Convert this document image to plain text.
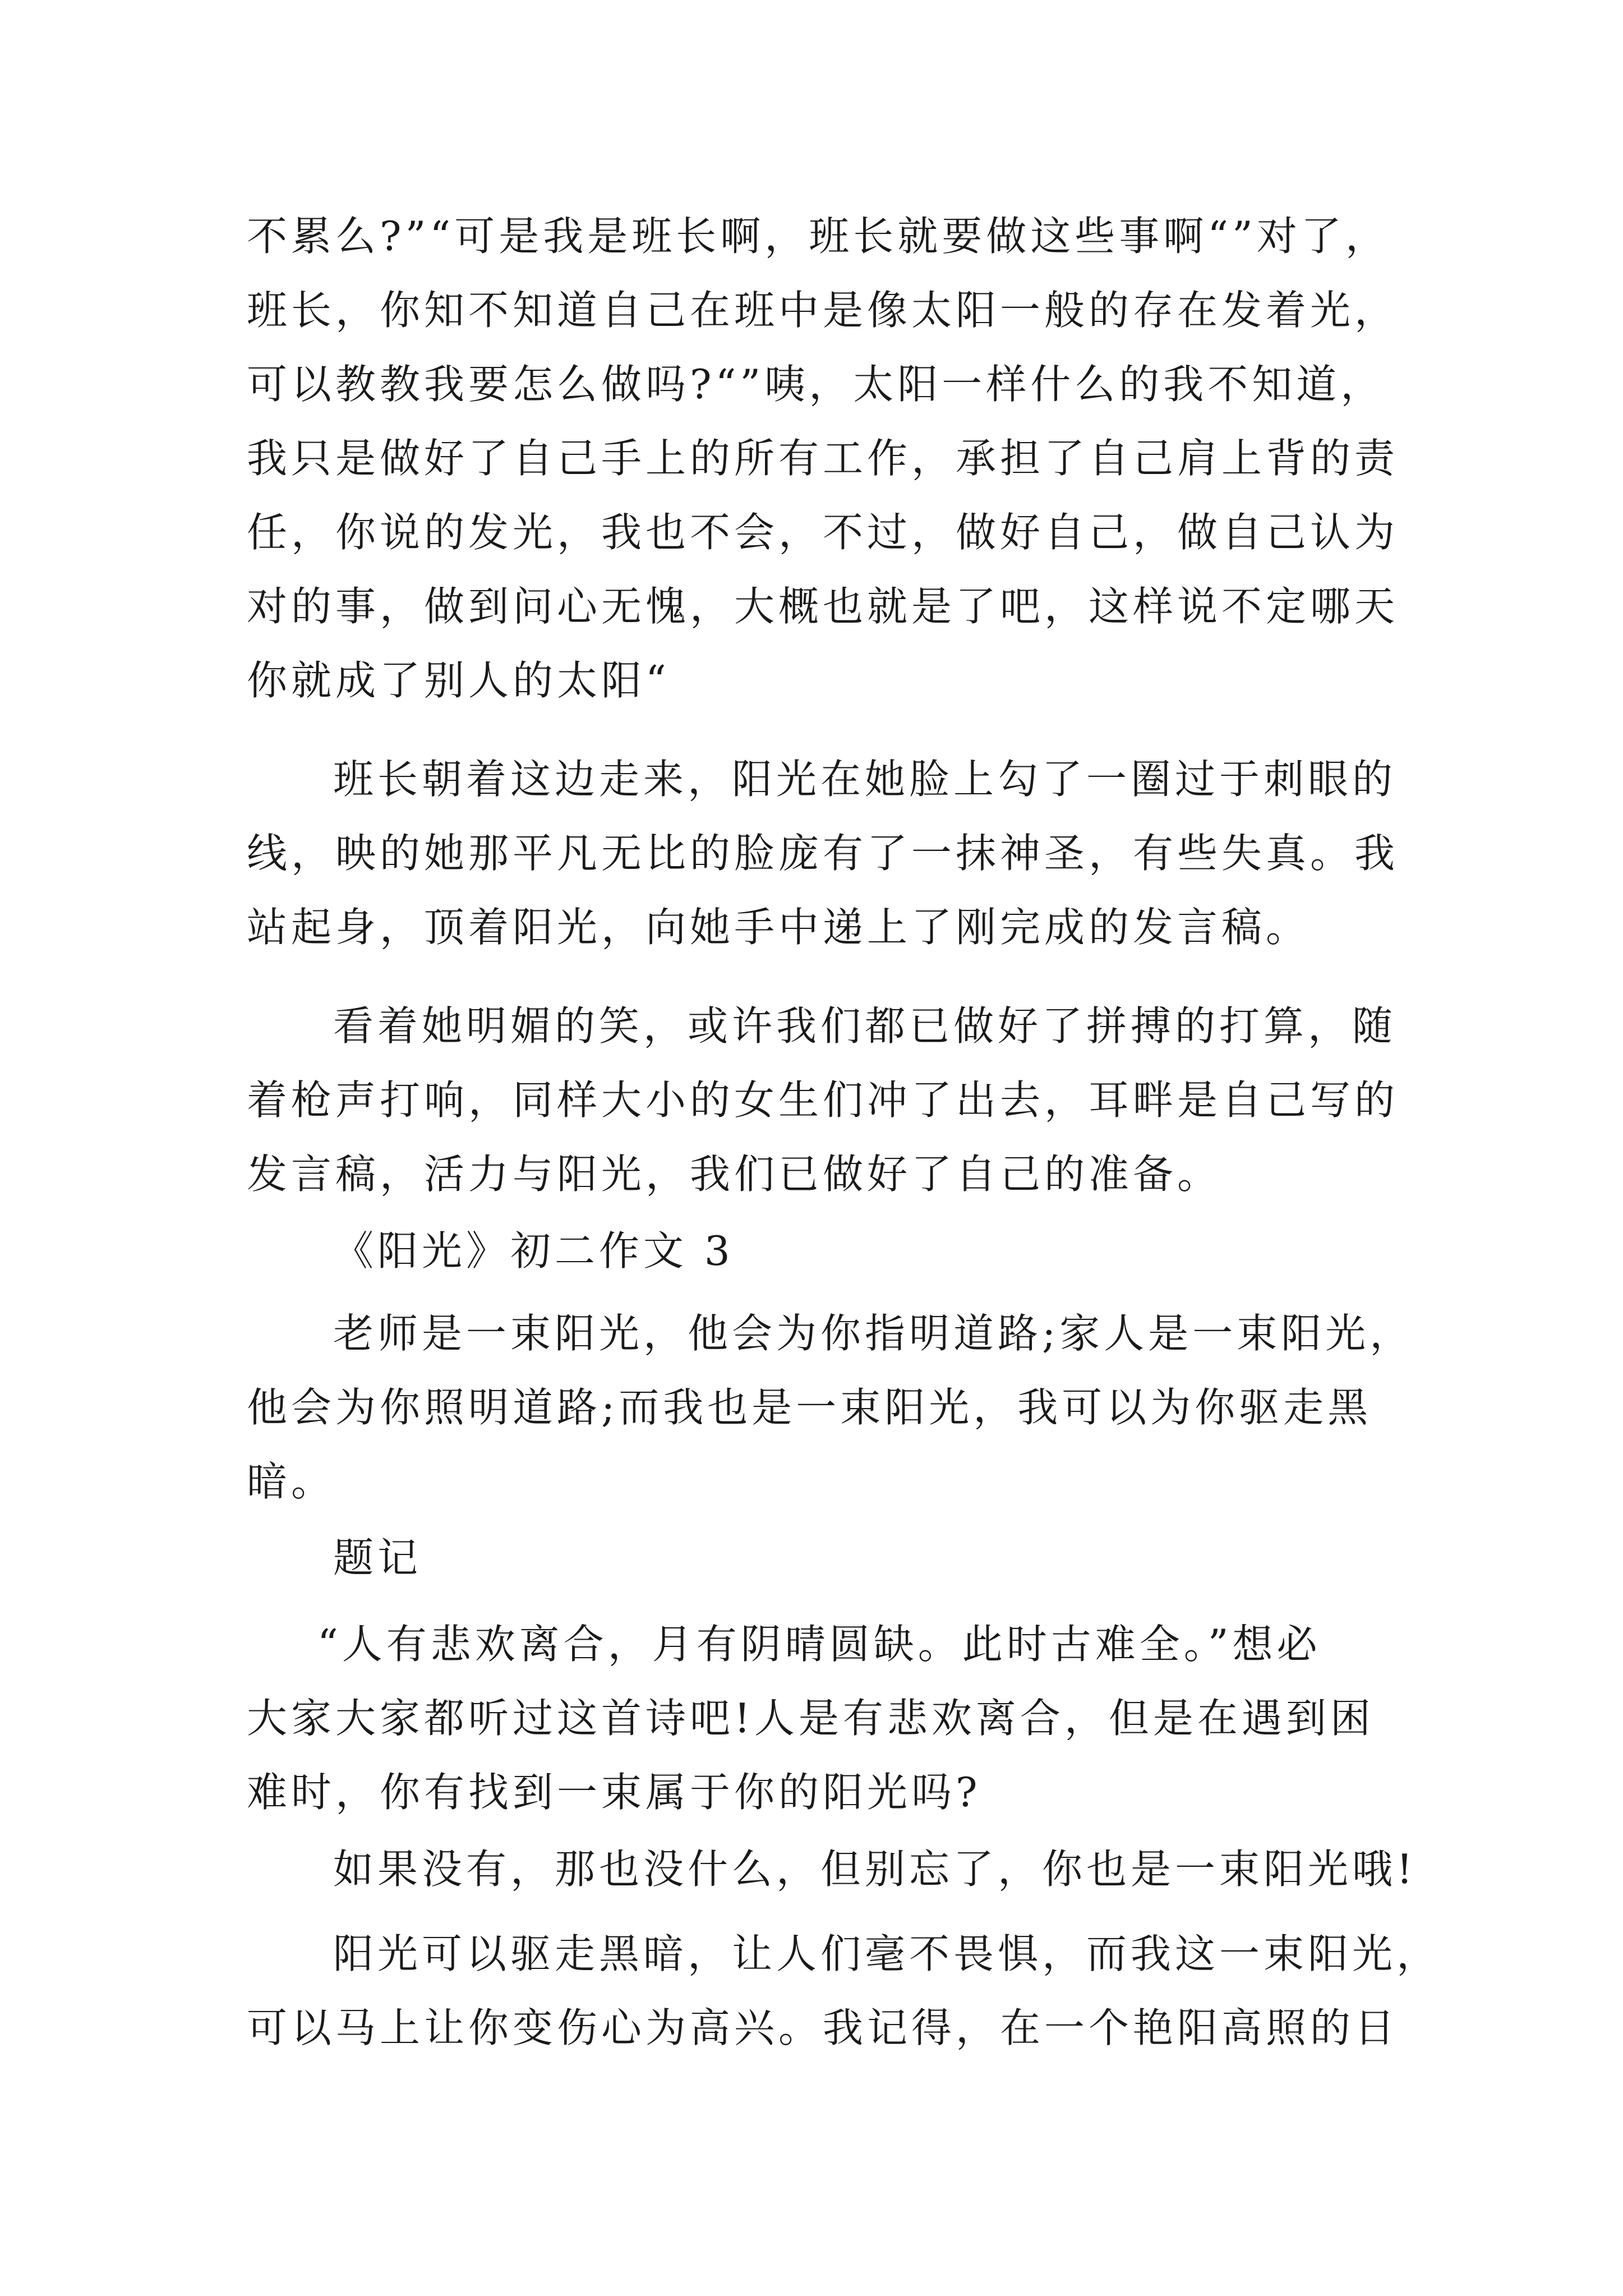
不累么?”“可是我是班长啊，班长就要做这些事啊“”对了，

班长，你知不知道自己在班中是像太阳一般的存在发着光，

可以教教我要怎么做吗?“”咦，太阳一样什么的我不知道，

我只是做好了自己手上的所有工作，承担了自己肩上背的责

任，你说的发光，我也不会，不过，做好自己，做自己认为

对的事，做到问心无愧，大概也就是了吧，这样说不定哪天

你就成了别人的太阳“

班长朝着这边走来，阳光在她脸上勾了一圈过于刺眼的

线，映的她那平凡无比的脸庞有了一抹神圣，有些失真。我

站起身，顶着阳光，向她手中递上了刚完成的发言稿。

看着她明媚的笑，或许我们都已做好了拼搏的打算，随

着枪声打响，同样大小的女生们冲了出去，耳畔是自己写的

发言稿，活力与阳光，我们已做好了自己的准备。

《阳光》初二作文 3

老师是一束阳光，他会为你指明道路;家人是一束阳光，

他会为你照明道路;而我也是一束阳光，我可以为你驱走黑

暗。

题记

“人有悲欢离合，月有阴晴圆缺。此时古难全。”想必

大家大家都听过这首诗吧!人是有悲欢离合，但是在遇到困

难时，你有找到一束属于你的阳光吗?

如果没有，那也没什么，但别忘了，你也是一束阳光哦!

阳光可以驱走黑暗，让人们毫不畏惧，而我这一束阳光，

可以马上让你变伤心为高兴。我记得，在一个艳阳高照的日
